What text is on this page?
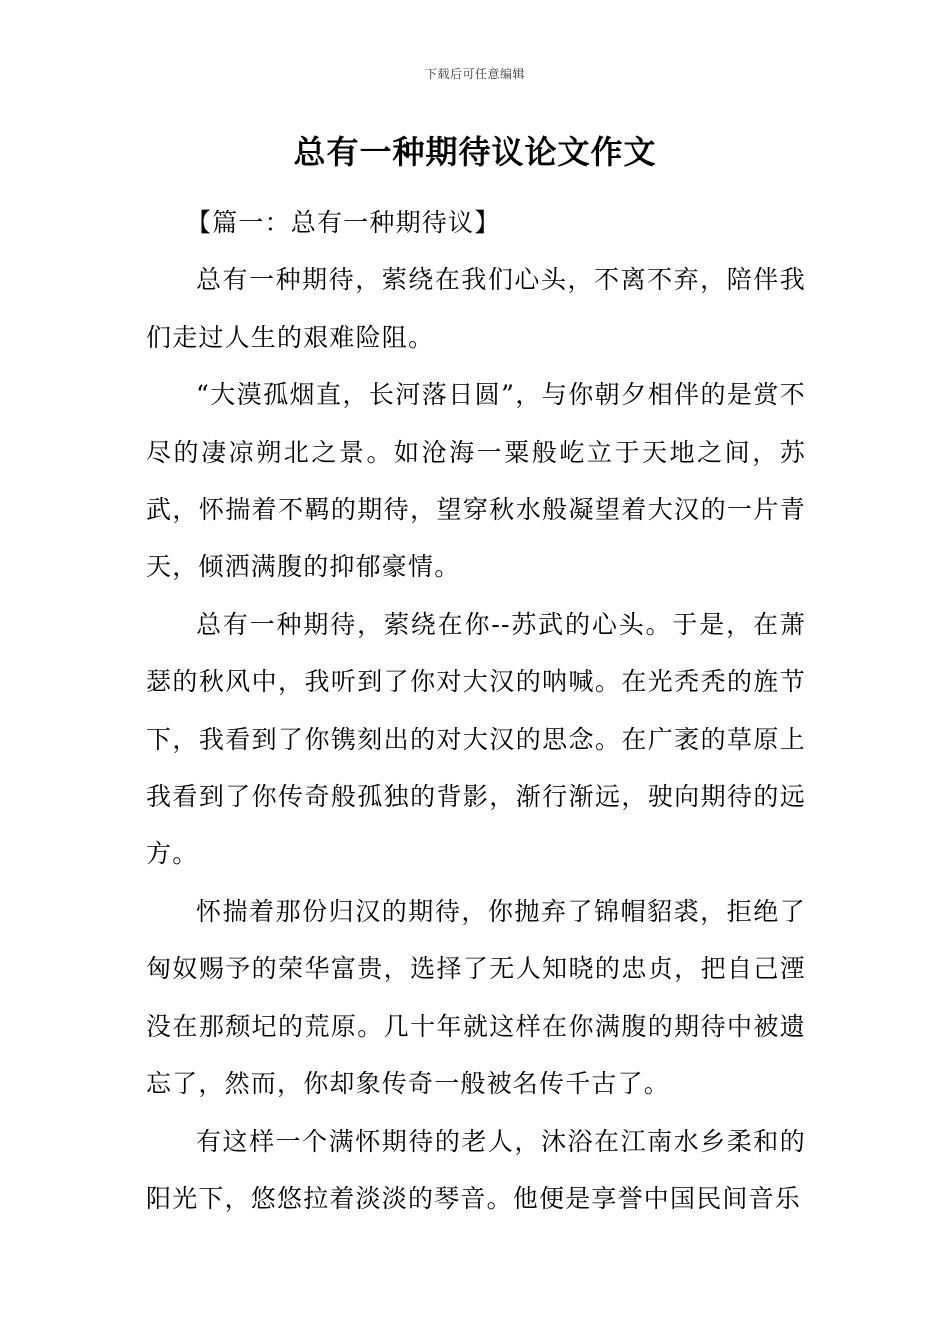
下载后可任意编辑
总有一种期待议论文作文

【篇一：总有一种期待议】

总有一种期待，萦绕在我们心头，不离不弃，陪伴我们走过人生的艰难险阻。

“大漠孤烟直，长河落日圆”，与你朝夕相伴的是赏不尽的凄凉朔北之景。如沧海一粟般屹立于天地之间，苏武，怀揣着不羁的期待，望穿秋水般凝望着大汉的一片青天，倾洒满腹的抑郁豪情。

总有一种期待，萦绕在你--苏武的心头。于是，在萧瑟的秋风中，我听到了你对大汉的呐喊。在光秃秃的旌节下，我看到了你镌刻出的对大汉的思念。在广袤的草原上我看到了你传奇般孤独的背影，渐行渐远，驶向期待的远方。

怀揣着那份归汉的期待，你抛弃了锦帽貂裘，拒绝了匈奴赐予的荣华富贵，选择了无人知晓的忠贞，把自己湮没在那颓圮的荒原。几十年就这样在你满腹的期待中被遗忘了，然而，你却象传奇一般被名传千古了。

有这样一个满怀期待的老人，沐浴在江南水乡柔和的阳光下，悠悠拉着淡淡的琴音。他便是享誉中国民间音乐
